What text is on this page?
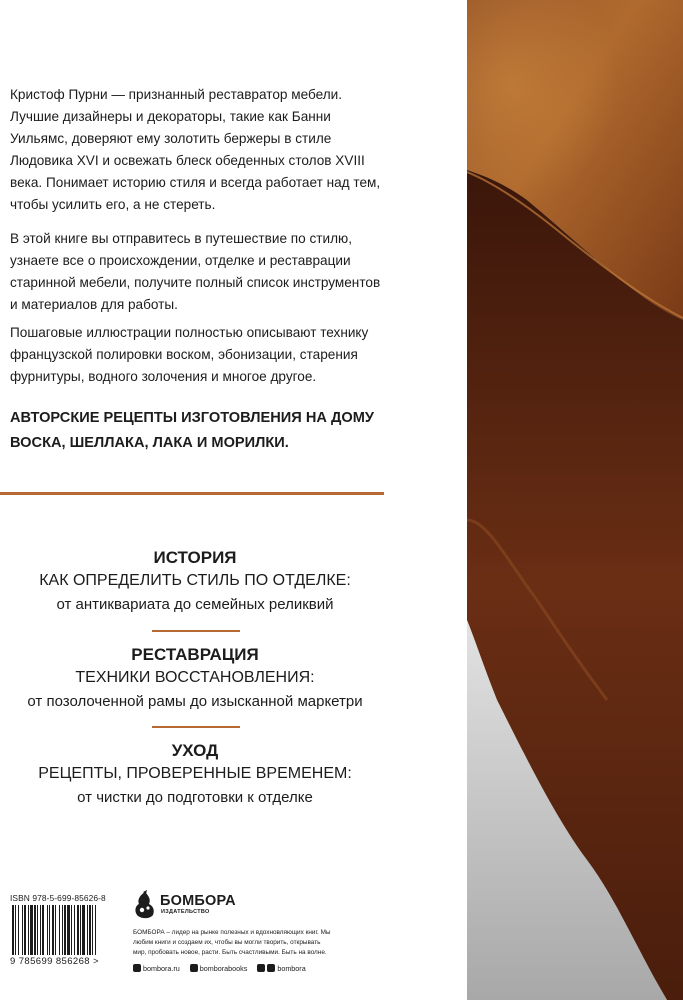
Кристоф Пурни — признанный реставратор мебели. Лучшие дизайнеры и декораторы, такие как Банни Уильямс, доверяют ему золотить бержеры в стиле Людовика XVI и освежать блеск обеденных столов XVIII века. Понимает историю стиля и всегда работает над тем, чтобы усилить его, а не стереть.

В этой книге вы отправитесь в путешествие по стилю, узнаете все о происхождении, отделке и реставрации старинной мебели, получите полный список инструментов и материалов для работы.

Пошаговые иллюстрации полностью описывают технику французской полировки воском, эбонизации, старения фурнитуры, водного золочения и многое другое.

АВТОРСКИЕ РЕЦЕПТЫ ИЗГОТОВЛЕНИЯ НА ДОМУ ВОСКА, ШЕЛЛАКА, ЛАКА И МОРИЛКИ.

ИСТОРИЯ
КАК ОПРЕДЕЛИТЬ СТИЛЬ ПО ОТДЕЛКЕ:
от антиквариата до семейных реликвий
РЕСТАВРАЦИЯ
ТЕХНИКИ ВОССТАНОВЛЕНИЯ:
от позолоченной рамы до изысканной маркетри
УХОД
РЕЦЕПТЫ, ПРОВЕРЕННЫЕ ВРЕМЕНЕМ:
от чистки до подготовки к отделке
ISBN 978-5-699-85626-8
9 785699 856268 >
БОМБОРА
ИЗДАТЕЛЬСТВО

БОМБОРА – лидер на рынке полезных и вдохновляющих книг. Мы любим книги и создаем их, чтобы вы могли творить, открывать мир, пробовать новое, расти. Быть счастливыми. Быть на волне.

bombora.ru	bomborabooks	bombora
